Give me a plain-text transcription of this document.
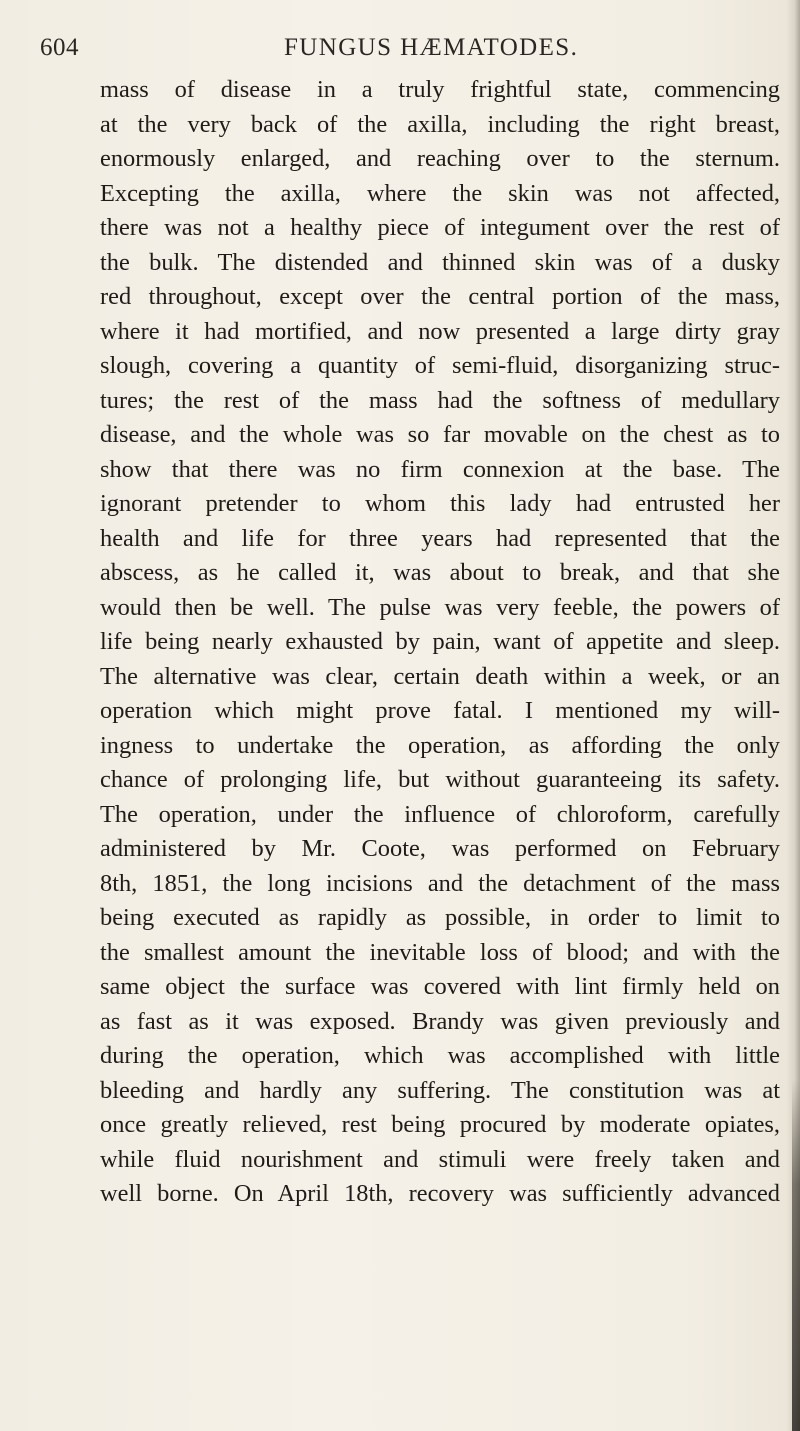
604	FUNGUS HÆMATODES.
mass of disease in a truly frightful state, commencing
at the very back of the axilla, including the right breast,
enormously enlarged, and reaching over to the sternum.
Excepting the axilla, where the skin was not affected,
there was not a healthy piece of integument over the rest of
the bulk. The distended and thinned skin was of a dusky
red throughout, except over the central portion of the mass,
where it had mortified, and now presented a large dirty gray
slough, covering a quantity of semi-fluid, disorganizing struc-
tures; the rest of the mass had the softness of medullary
disease, and the whole was so far movable on the chest as to
show that there was no firm connexion at the base. The
ignorant pretender to whom this lady had entrusted her
health and life for three years had represented that the
abscess, as he called it, was about to break, and that she
would then be well. The pulse was very feeble, the powers of
life being nearly exhausted by pain, want of appetite and sleep.
The alternative was clear, certain death within a week, or an
operation which might prove fatal. I mentioned my will-
ingness to undertake the operation, as affording the only
chance of prolonging life, but without guaranteeing its safety.
The operation, under the influence of chloroform, carefully
administered by Mr. Coote, was performed on February
8th, 1851, the long incisions and the detachment of the mass
being executed as rapidly as possible, in order to limit to
the smallest amount the inevitable loss of blood; and with the
same object the surface was covered with lint firmly held on
as fast as it was exposed. Brandy was given previously and
during the operation, which was accomplished with little
bleeding and hardly any suffering. The constitution was at
once greatly relieved, rest being procured by moderate opiates,
while fluid nourishment and stimuli were freely taken and
well borne. On April 18th, recovery was sufficiently advanced
